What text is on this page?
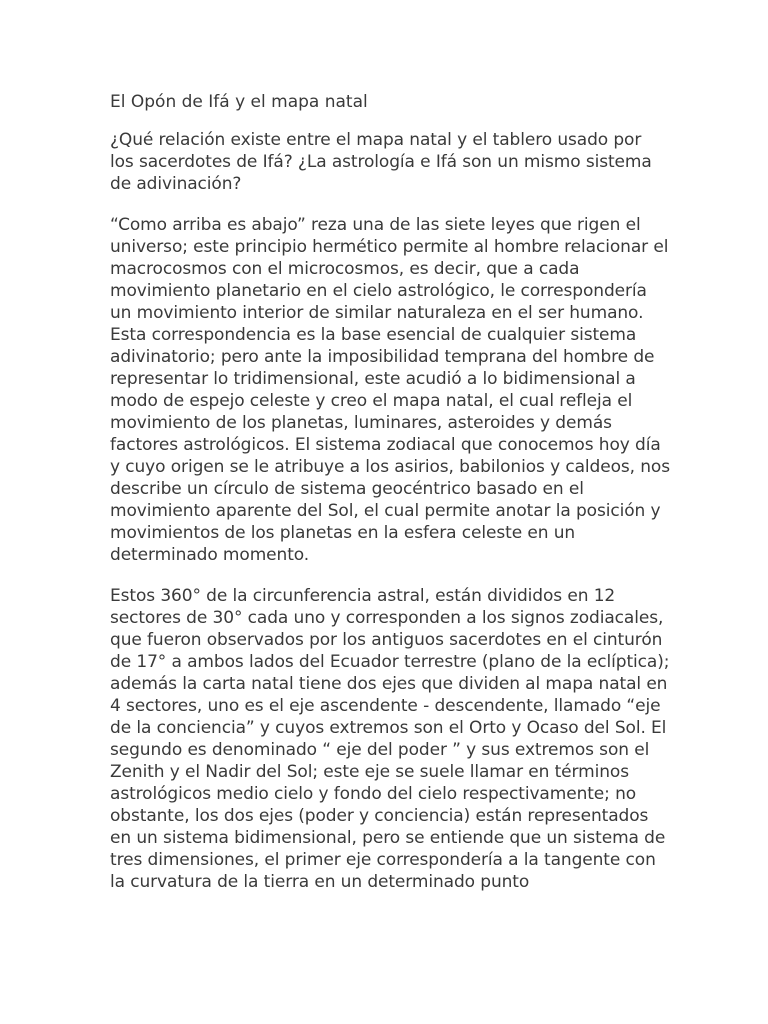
El Opón de Ifá y el mapa natal

¿Qué relación existe entre el mapa natal y el tablero usado por los sacerdotes de Ifá? ¿La astrología e Ifá son un mismo sistema de adivinación?

“Como arriba es abajo” reza una de las siete leyes que rigen el universo; este principio hermético permite al hombre relacionar el macrocosmos con el microcosmos, es decir, que a cada movimiento planetario en el cielo astrológico, le correspondería un movimiento interior de similar naturaleza en el ser humano. Esta correspondencia es la base esencial de cualquier sistema adivinatorio; pero ante la imposibilidad temprana del hombre de representar lo tridimensional, este acudió a lo bidimensional a modo de espejo celeste y creo el mapa natal, el cual refleja el movimiento de los planetas, luminares, asteroides y demás factores astrológicos. El sistema zodiacal que conocemos hoy día y cuyo origen se le atribuye a los asirios, babilonios y caldeos, nos describe un círculo de sistema geocéntrico basado en el movimiento aparente del Sol, el cual permite anotar la posición y movimientos de los planetas en la esfera celeste en un determinado momento.

Estos 360° de la circunferencia astral, están divididos en 12 sectores de 30° cada uno y corresponden a los signos zodiacales, que fueron observados por los antiguos sacerdotes en el cinturón de 17° a ambos lados del Ecuador terrestre (plano de la eclíptica); además la carta natal tiene dos ejes que dividen al mapa natal en 4 sectores, uno es el eje ascendente - descendente, llamado “eje de la conciencia” y cuyos extremos son el Orto y Ocaso del Sol. El segundo es denominado “ eje del poder ” y sus extremos son el Zenith y el Nadir del Sol; este eje se suele llamar en términos astrológicos medio cielo y fondo del cielo respectivamente; no obstante, los dos ejes (poder y conciencia) están representados en un sistema bidimensional, pero se entiende que un sistema de tres dimensiones, el primer eje correspondería a la tangente con la curvatura de la tierra en un determinado punto
